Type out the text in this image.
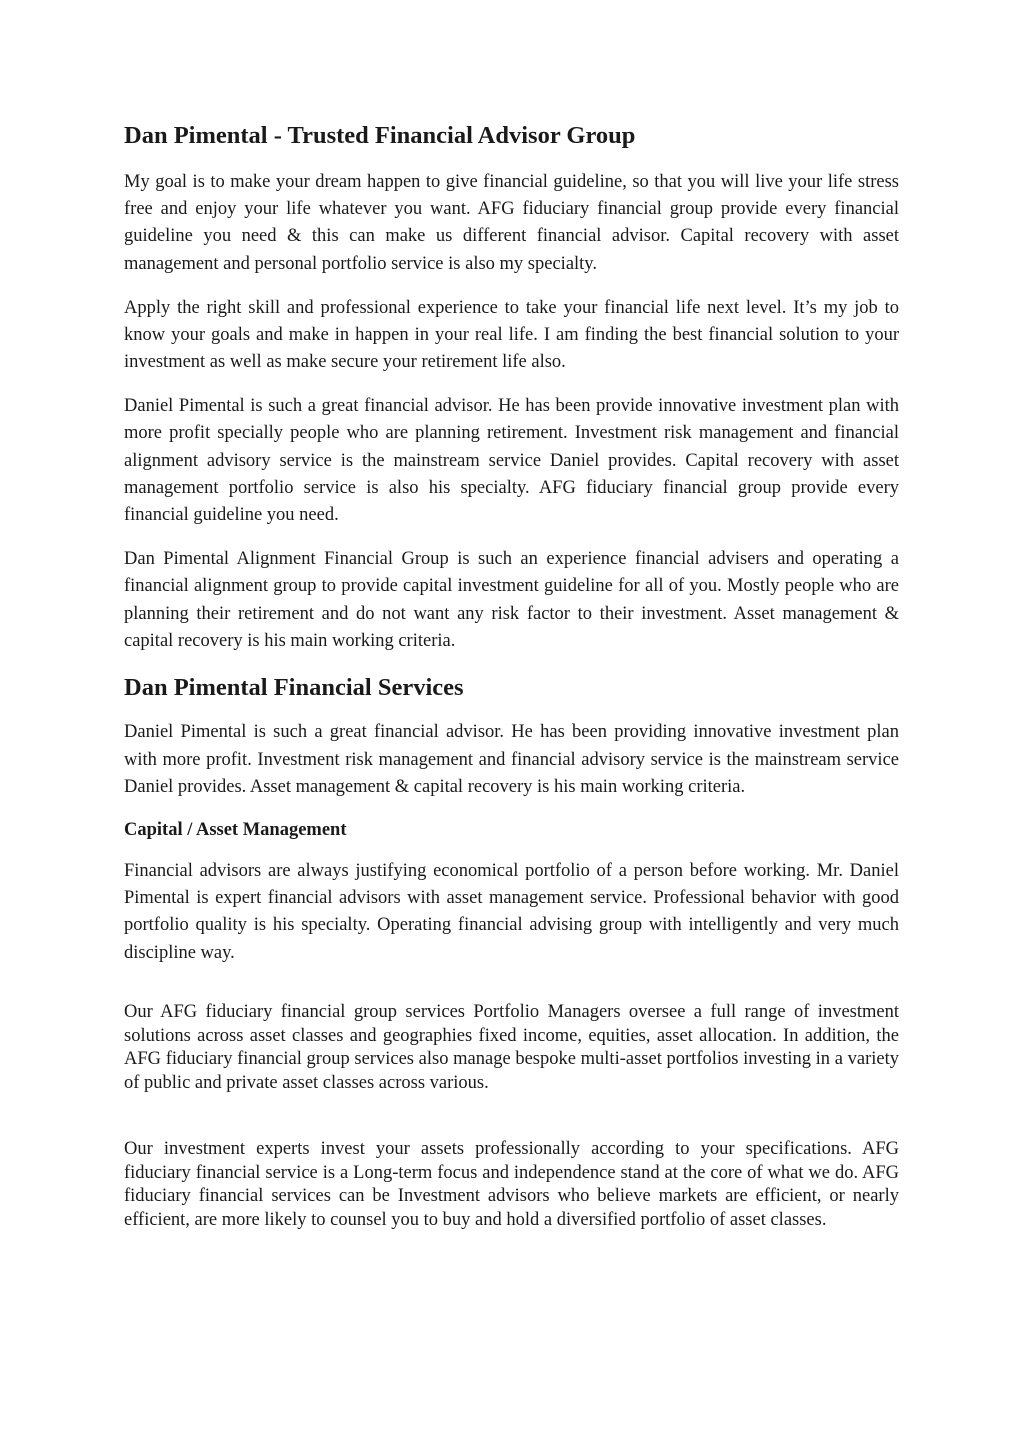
Dan Pimental - Trusted Financial Advisor Group

My goal is to make your dream happen to give financial guideline, so that you will live your life stress free and enjoy your life whatever you want. AFG fiduciary financial group provide every financial guideline you need & this can make us different financial advisor. Capital recovery with asset management and personal portfolio service is also my specialty.

Apply the right skill and professional experience to take your financial life next level. It’s my job to know your goals and make in happen in your real life. I am finding the best financial solution to your investment as well as make secure your retirement life also.

Daniel Pimental is such a great financial advisor. He has been provide innovative investment plan with more profit specially people who are planning retirement. Investment risk management and financial alignment advisory service is the mainstream service Daniel provides. Capital recovery with asset management portfolio service is also his specialty. AFG fiduciary financial group provide every financial guideline you need.

Dan Pimental Alignment Financial Group is such an experience financial advisers and operating a financial alignment group to provide capital investment guideline for all of you. Mostly people who are planning their retirement and do not want any risk factor to their investment. Asset management & capital recovery is his main working criteria.

Dan Pimental Financial Services

Daniel Pimental is such a great financial advisor. He has been providing innovative investment plan with more profit. Investment risk management and financial advisory service is the mainstream service Daniel provides. Asset management & capital recovery is his main working criteria.

Capital / Asset Management

Financial advisors are always justifying economical portfolio of a person before working. Mr. Daniel Pimental is expert financial advisors with asset management service. Professional behavior with good portfolio quality is his specialty. Operating financial advising group with intelligently and very much discipline way.

Our AFG fiduciary financial group services Portfolio Managers oversee a full range of investment solutions across asset classes and geographies fixed income, equities, asset allocation. In addition, the AFG fiduciary financial group services also manage bespoke multi-asset portfolios investing in a variety of public and private asset classes across various.

Our investment experts invest your assets professionally according to your specifications. AFG fiduciary financial service is a Long-term focus and independence stand at the core of what we do. AFG fiduciary financial services can be Investment advisors who believe markets are efficient, or nearly efficient, are more likely to counsel you to buy and hold a diversified portfolio of asset classes.
